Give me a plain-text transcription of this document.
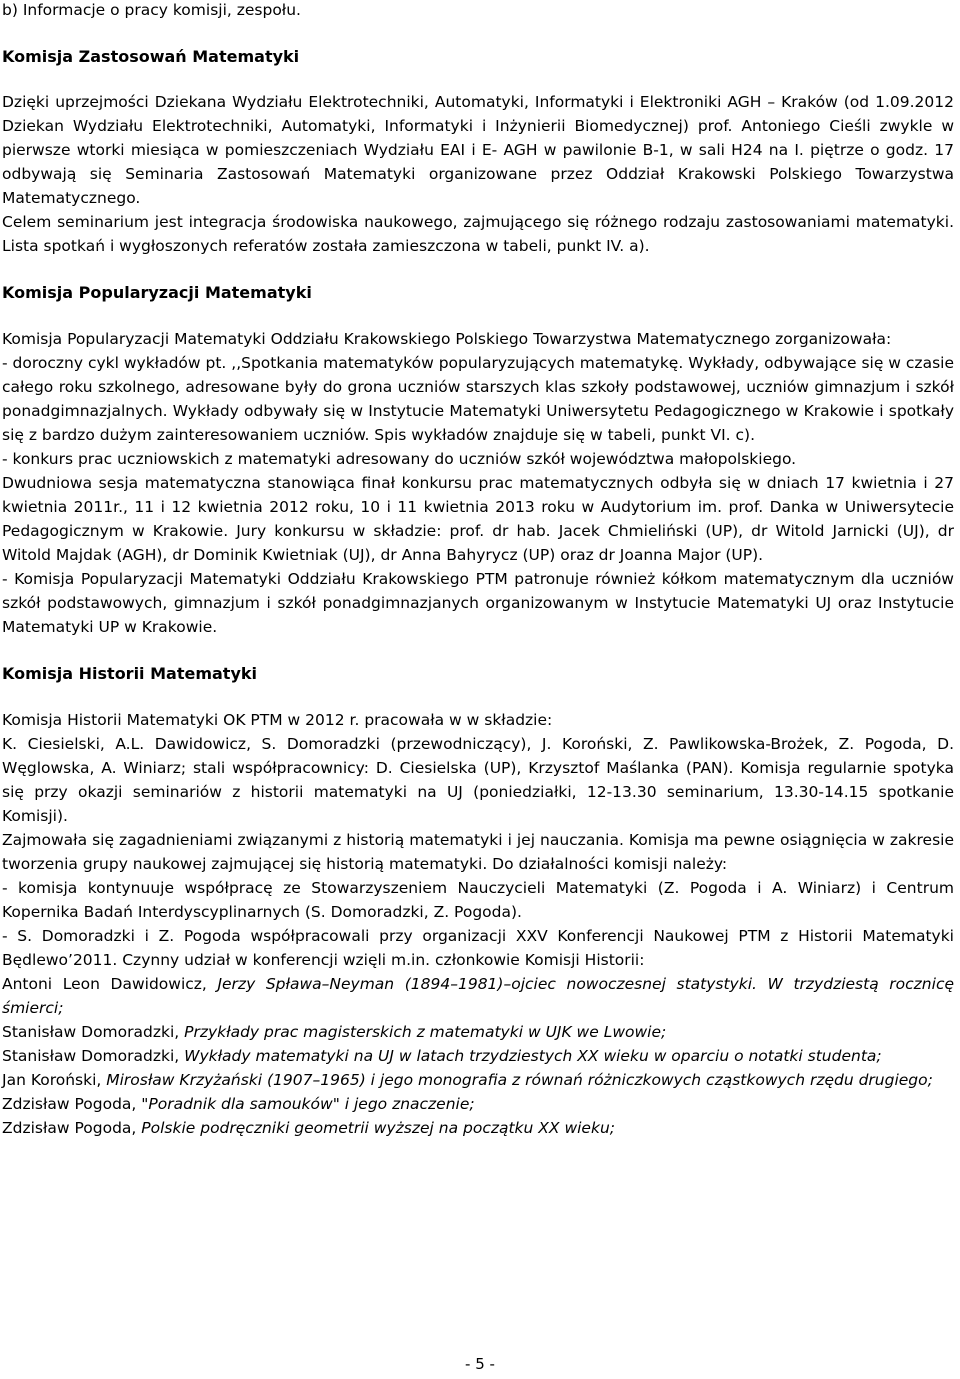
b) Informacje o pracy komisji, zespołu.

Komisja Zastosowań Matematyki

Dzięki uprzejmości Dziekana Wydziału Elektrotechniki, Automatyki, Informatyki i Elektroniki AGH – Kraków (od 1.09.2012 Dziekan Wydziału Elektrotechniki, Automatyki, Informatyki i Inżynierii Biomedycznej) prof. Antoniego Cieśli zwykle w pierwsze wtorki miesiąca w pomieszczeniach Wydziału EAI i E- AGH w pawilonie B-1, w sali H24 na I. piętrze o godz. 17 odbywają się Seminaria Zastosowań Matematyki organizowane przez Oddział Krakowski Polskiego Towarzystwa Matematycznego.

Celem seminarium jest integracja środowiska naukowego, zajmującego się różnego rodzaju zastosowaniami matematyki. Lista spotkań i wygłoszonych referatów została zamieszczona w tabeli, punkt IV. a).

Komisja Popularyzacji Matematyki

Komisja Popularyzacji Matematyki Oddziału Krakowskiego Polskiego Towarzystwa Matematycznego zorganizowała:

- doroczny cykl wykładów pt. ,,Spotkania matematyków popularyzujących matematykę. Wykłady, odbywające się w czasie całego roku szkolnego, adresowane były do grona uczniów starszych klas szkoły podstawowej, uczniów gimnazjum i szkół ponadgimnazjalnych. Wykłady odbywały się w Instytucie Matematyki Uniwersytetu Pedagogicznego w Krakowie i spotkały się z bardzo dużym zainteresowaniem uczniów. Spis wykładów znajduje się w tabeli, punkt VI. c).

- konkurs prac uczniowskich z matematyki adresowany do uczniów szkół województwa małopolskiego.

Dwudniowa sesja matematyczna stanowiąca finał konkursu prac matematycznych odbyła się w dniach 17 kwietnia i 27 kwietnia 2011r., 11 i 12 kwietnia 2012 roku, 10 i 11 kwietnia 2013 roku w Audytorium im. prof. Danka w Uniwersytecie Pedagogicznym w Krakowie. Jury konkursu w składzie: prof. dr hab. Jacek Chmieliński (UP), dr Witold Jarnicki (UJ), dr Witold Majdak (AGH), dr Dominik Kwietniak (UJ), dr Anna Bahyrycz (UP) oraz dr Joanna Major (UP).

- Komisja Popularyzacji Matematyki Oddziału Krakowskiego PTM patronuje również kółkom matematycznym dla uczniów szkół podstawowych, gimnazjum i szkół ponadgimnazjanych organizowanym w Instytucie Matematyki UJ oraz Instytucie Matematyki UP w Krakowie.

Komisja Historii Matematyki

Komisja Historii Matematyki OK PTM w 2012 r. pracowała w w składzie:

K. Ciesielski, A.L. Dawidowicz, S. Domoradzki (przewodniczący), J. Koroński, Z. Pawlikowska-Brożek, Z. Pogoda, D. Węglowska, A. Winiarz; stali współpracownicy: D. Ciesielska (UP), Krzysztof Maślanka (PAN). Komisja regularnie spotyka się przy okazji seminariów z historii matematyki na UJ (poniedziałki, 12-13.30 seminarium, 13.30-14.15 spotkanie Komisji).

Zajmowała się zagadnieniami związanymi z historią matematyki i jej nauczania. Komisja ma pewne osiągnięcia w zakresie tworzenia grupy naukowej zajmującej się historią matematyki. Do działalności komisji należy:

- komisja kontynuuje współpracę ze Stowarzyszeniem Nauczycieli Matematyki (Z. Pogoda i A. Winiarz) i Centrum Kopernika Badań Interdyscyplinarnych (S. Domoradzki, Z. Pogoda).

- S. Domoradzki i Z. Pogoda współpracowali przy organizacji XXV Konferencji Naukowej PTM z Historii Matematyki Będlewo’2011. Czynny udział w konferencji wzięli m.in. członkowie Komisji Historii:

Antoni Leon Dawidowicz, Jerzy Spława–Neyman (1894–1981)–ojciec nowoczesnej statystyki. W trzydziestą rocznicę śmierci;

Stanisław Domoradzki, Przykłady prac magisterskich z matematyki w UJK we Lwowie;

Stanisław Domoradzki, Wykłady matematyki na UJ w latach trzydziestych XX wieku w oparciu o notatki studenta;

Jan Koroński, Mirosław Krzyżański (1907–1965) i jego monografia z równań różniczkowych cząstkowych rzędu drugiego;

Zdzisław Pogoda, "Poradnik dla samouków" i jego znaczenie;

Zdzisław Pogoda, Polskie podręczniki geometrii wyższej na początku XX wieku;

- 5 -
